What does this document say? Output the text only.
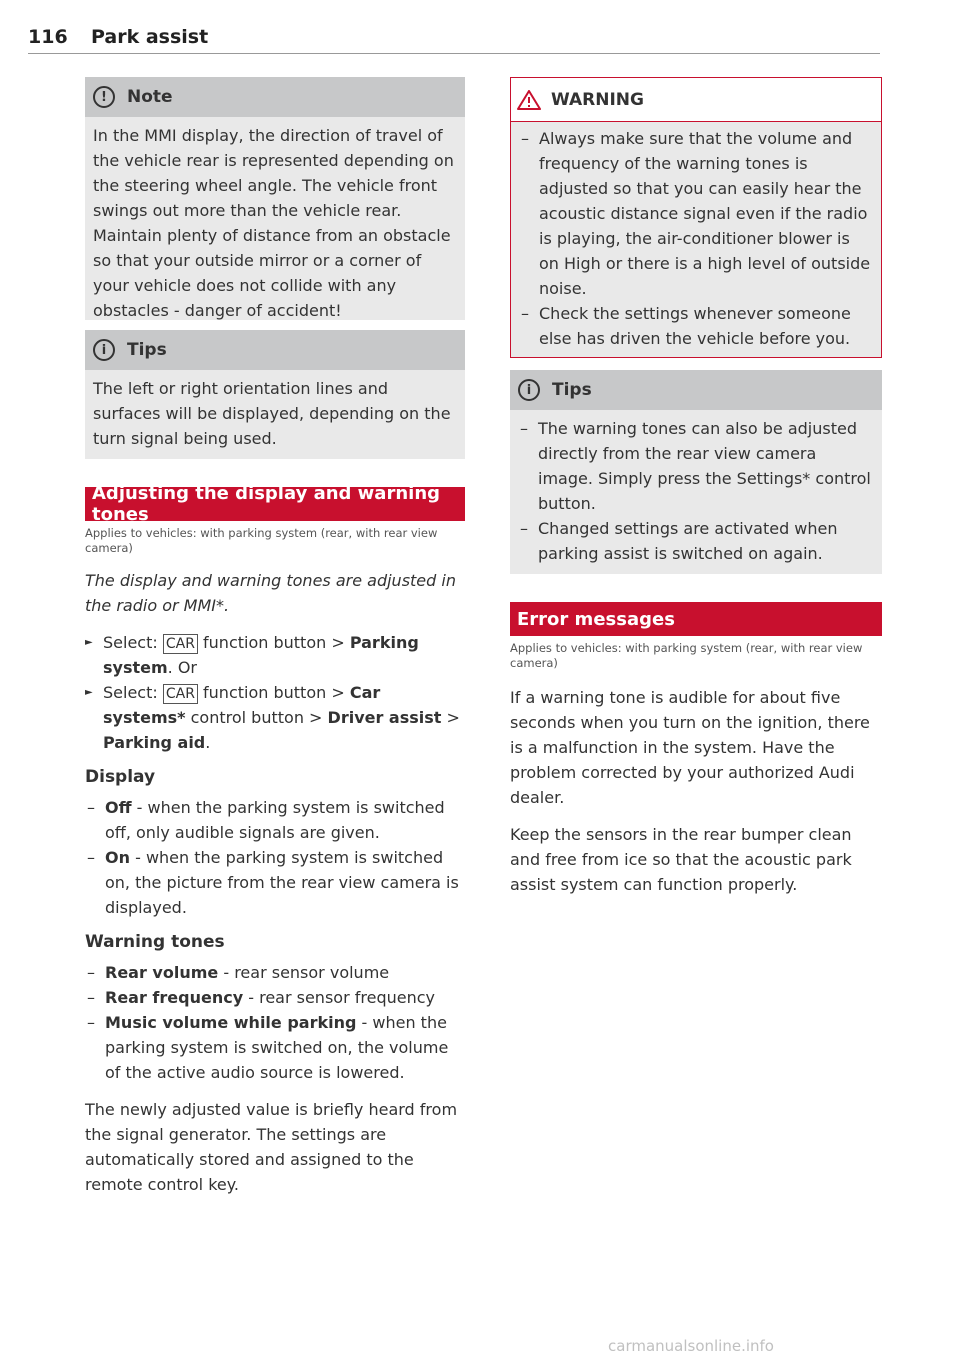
116 Park assist
!	Note
In the MMI display, the direction of travel of the vehicle rear is represented depending on the steering wheel angle. The vehicle front swings out more than the vehicle rear. Maintain plenty of distance from an obstacle so that your outside mirror or a corner of your vehicle does not collide with any obstacles - danger of accident!
i	Tips
The left or right orientation lines and surfaces will be displayed, depending on the turn signal being used.
Adjusting the display and warning tones
Applies to vehicles: with parking system (rear, with rear view camera)
The display and warning tones are adjusted in the radio or MMI*.
► Select: CAR function button > Parking system. Or
► Select: CAR function button > Car systems* control button > Driver assist > Parking aid.
Display
– Off - when the parking system is switched off, only audible signals are given.
– On - when the parking system is switched on, the picture from the rear view camera is displayed.
Warning tones
– Rear volume - rear sensor volume
– Rear frequency - rear sensor frequency
– Music volume while parking - when the parking system is switched on, the volume of the active audio source is lowered.
The newly adjusted value is briefly heard from the signal generator. The settings are automatically stored and assigned to the remote control key.
WARNING
– Always make sure that the volume and frequency of the warning tones is adjusted so that you can easily hear the acoustic distance signal even if the radio is playing, the air-conditioner blower is on High or there is a high level of outside noise.
– Check the settings whenever someone else has driven the vehicle before you.
i	Tips
– The warning tones can also be adjusted directly from the rear view camera image. Simply press the Settings* control button.
– Changed settings are activated when parking assist is switched on again.
Error messages
Applies to vehicles: with parking system (rear, with rear view camera)
If a warning tone is audible for about five seconds when you turn on the ignition, there is a malfunction in the system. Have the problem corrected by your authorized Audi dealer.
Keep the sensors in the rear bumper clean and free from ice so that the acoustic park assist system can function properly.
carmanualsonline.info
